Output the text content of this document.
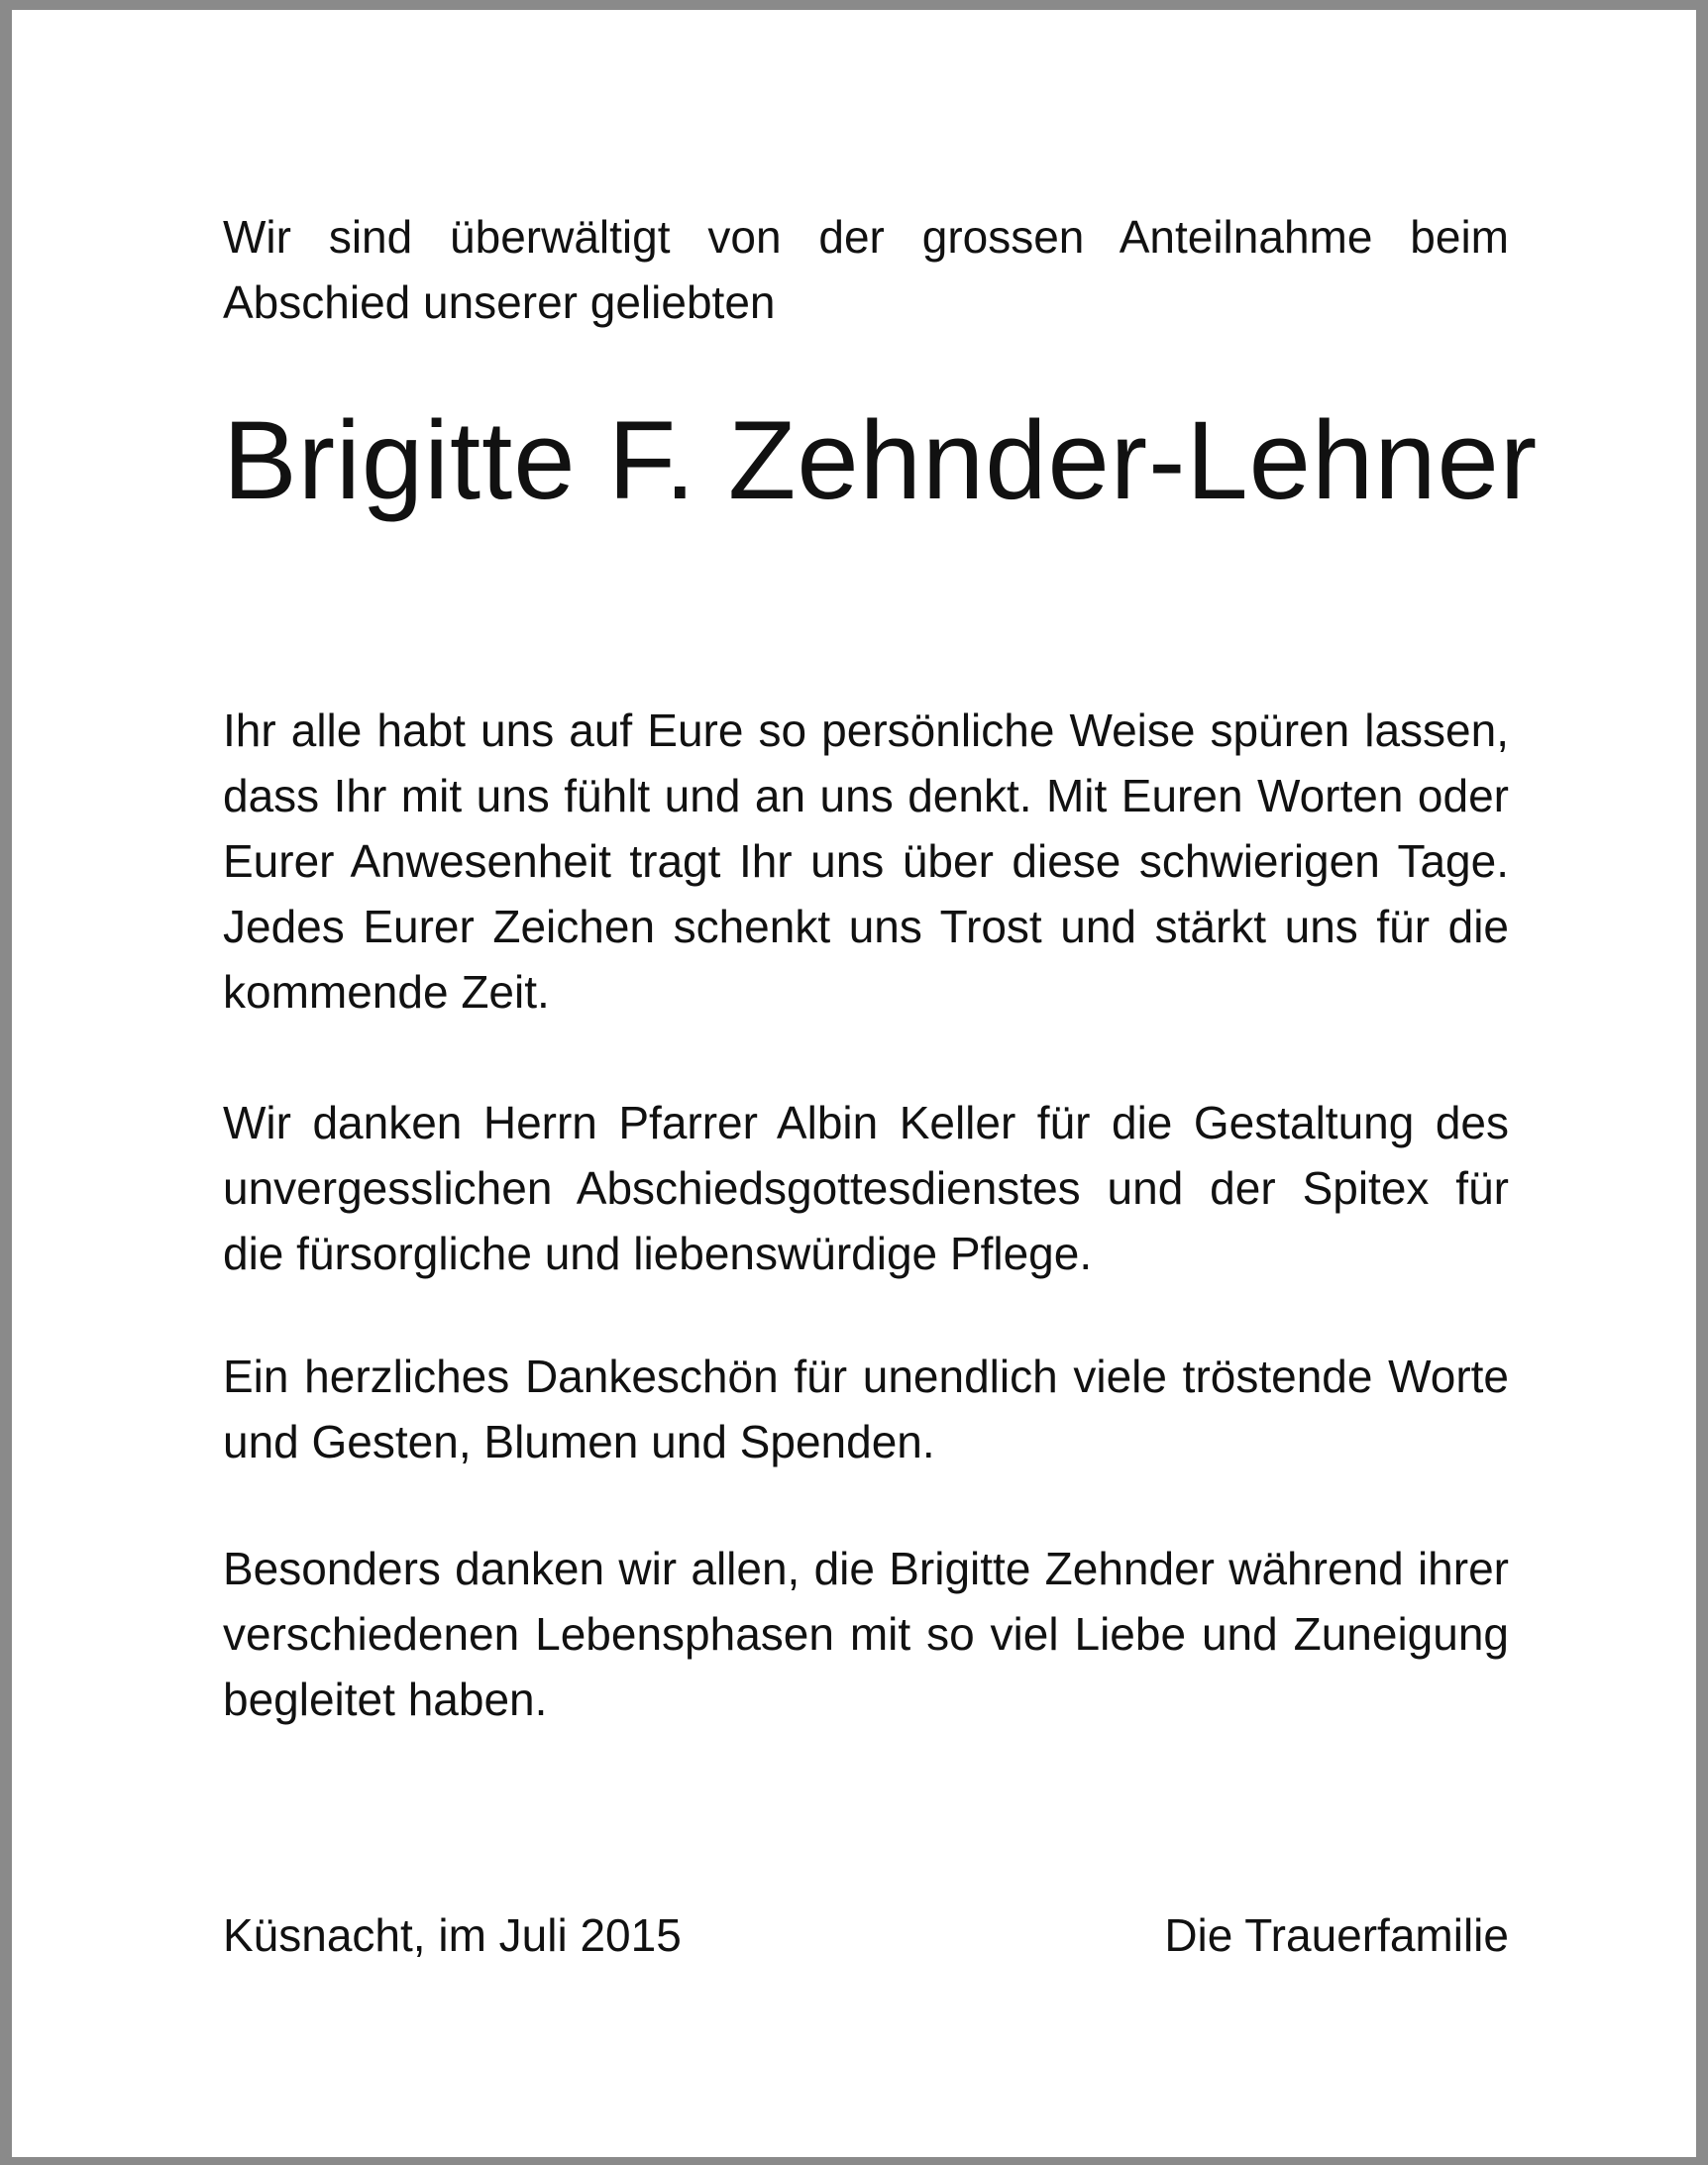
Wir sind überwältigt von der grossen Anteilnahme beim Abschied unserer geliebten

Brigitte F. Zehnder-Lehner

Ihr alle habt uns auf Eure so persönliche Weise spüren lassen, dass Ihr mit uns fühlt und an uns denkt. Mit Euren Worten oder Eurer Anwesenheit tragt Ihr uns über diese schwierigen Tage. Jedes Eurer Zeichen schenkt uns Trost und stärkt uns für die kommende Zeit.

Wir danken Herrn Pfarrer Albin Keller für die Gestaltung des unvergesslichen Abschiedsgottesdienstes und der Spitex für die fürsorgliche und liebenswürdige Pflege.

Ein herzliches Dankeschön für unendlich viele tröstende Worte und Gesten, Blumen und Spenden.

Besonders danken wir allen, die Brigitte Zehnder während ihrer verschiedenen Lebensphasen mit so viel Liebe und Zuneigung begleitet haben.

Küsnacht, im Juli 2015	Die Trauerfamilie
